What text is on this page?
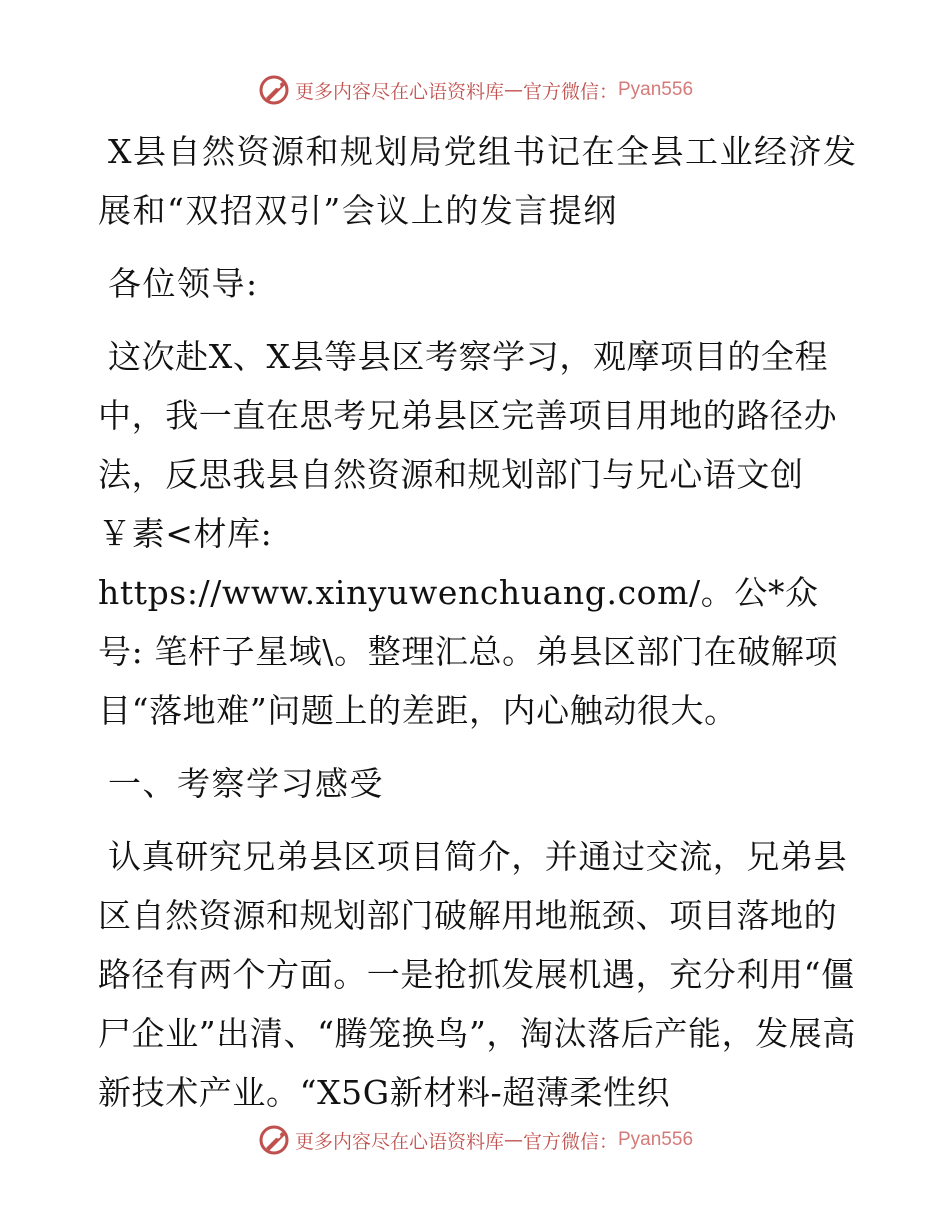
更多内容尽在心语资料库 — 官方微信： Pyan556

X县自然资源和规划局党组书记在全县工业经济发展和“双招双引”会议上的发言提纲

各位领导:

这次赴X、X县等县区考察学习，观摩项目的全程中，我一直在思考兄弟县区完善项目用地的路径办法，反思我县自然资源和规划部门与兄心语文创￥素<材库: https://www.xinyuwenchuang.com/。公*众号: 笔杆子星域\。整理汇总。弟县区部门在破解项目“落地难”问题上的差距，内心触动很大。

一、考察学习感受

认真研究兄弟县区项目简介，并通过交流，兄弟县区自然资源和规划部门破解用地瓶颈、项目落地的路径有两个方面。一是抢抓发展机遇，充分利用“僵尸企业”出清、“腾笼换鸟”，淘汰落后产能，发展高新技术产业。“X5G新材料-超薄柔性织

更多内容尽在心语资料库 — 官方微信： Pyan556
